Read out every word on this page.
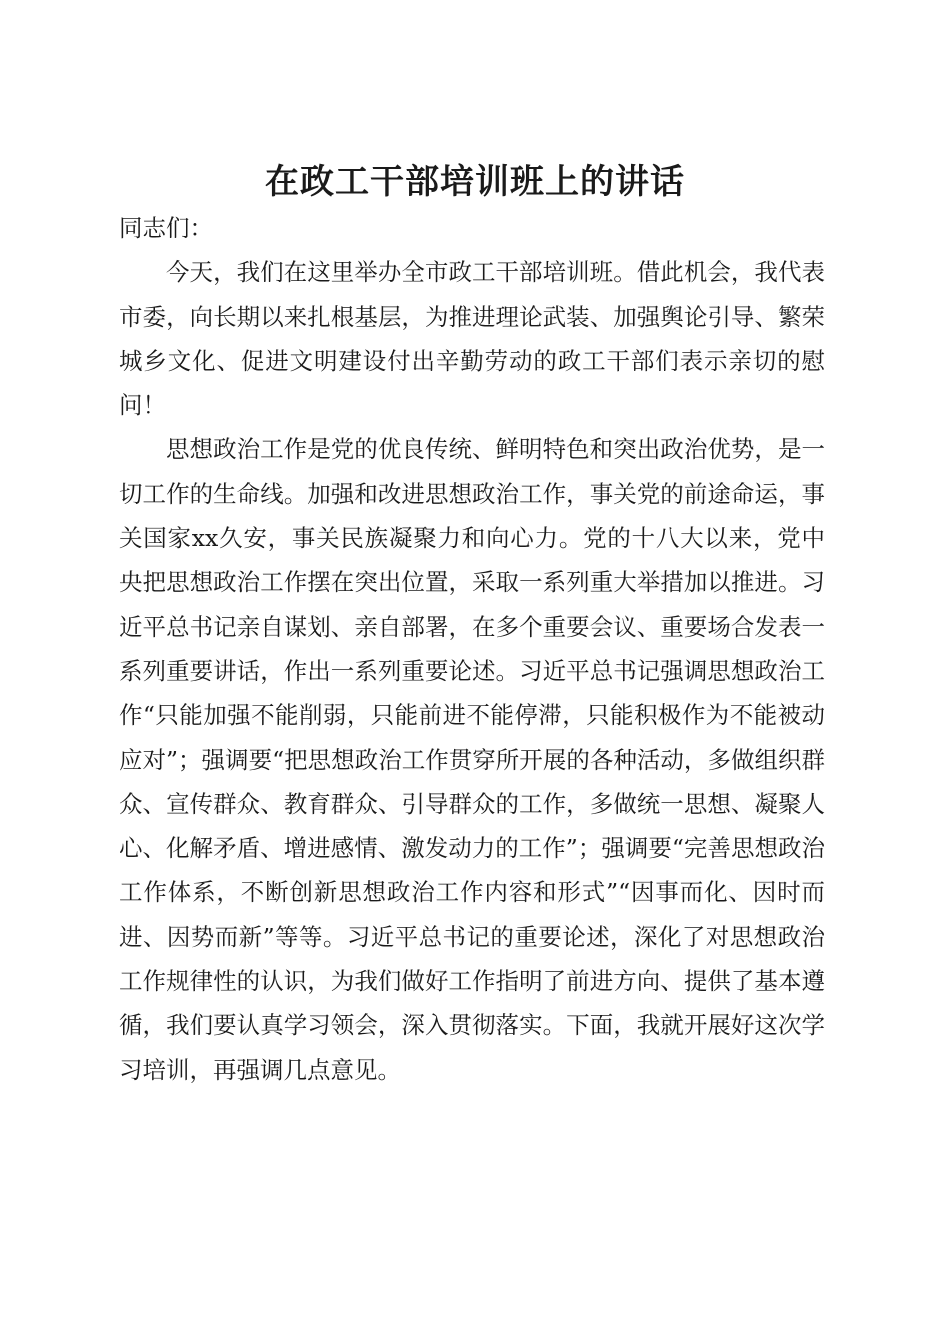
在政工干部培训班上的讲话

同志们：

今天，我们在这里举办全市政工干部培训班。借此机会，我代表市委，向长期以来扎根基层，为推进理论武装、加强舆论引导、繁荣城乡文化、促进文明建设付出辛勤劳动的政工干部们表示亲切的慰问！

思想政治工作是党的优良传统、鲜明特色和突出政治优势，是一切工作的生命线。加强和改进思想政治工作，事关党的前途命运，事关国家xx久安，事关民族凝聚力和向心力。党的十八大以来，党中央把思想政治工作摆在突出位置，采取一系列重大举措加以推进。习近平总书记亲自谋划、亲自部署，在多个重要会议、重要场合发表一系列重要讲话，作出一系列重要论述。习近平总书记强调思想政治工作“只能加强不能削弱，只能前进不能停滞，只能积极作为不能被动应对”；强调要“把思想政治工作贯穿所开展的各种活动，多做组织群众、宣传群众、教育群众、引导群众的工作，多做统一思想、凝聚人心、化解矛盾、增进感情、激发动力的工作”；强调要“完善思想政治工作体系，不断创新思想政治工作内容和形式”“因事而化、因时而进、因势而新”等等。习近平总书记的重要论述，深化了对思想政治工作规律性的认识，为我们做好工作指明了前进方向、提供了基本遵循，我们要认真学习领会，深入贯彻落实。下面，我就开展好这次学习培训，再强调几点意见。
